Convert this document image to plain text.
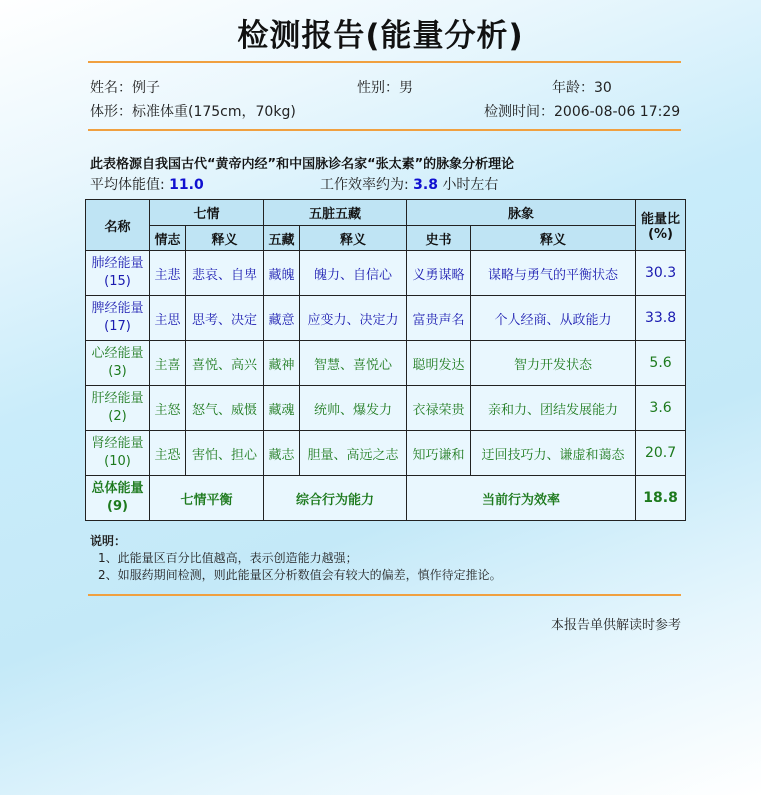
检测报告(能量分析)
姓名：例子	性别：男	年龄：30
体形：标准体重(175cm，70kg)	检测时间：2006-08-06 17:29
此表格源自我国古代“黄帝内经”和中国脉诊名家“张太素”的脉象分析理论
平均体能值: 11.0	工作效率约为: 3.8 小时左右
名称	七情		五脏五藏		脉象		能量比
(%)

	情志	释义	五藏	释义	史书	释义	

肺经能量
(15)	主悲	悲哀、自卑	藏魄	魄力、自信心	义勇谋略	谋略与勇气的平衡状态	30.3

脾经能量
(17)	主思	思考、决定	藏意	应变力、决定力	富贵声名	个人经商、从政能力	33.8

心经能量
(3)	主喜	喜悦、高兴	藏神	智慧、喜悦心	聪明发达	智力开发状态	5.6

肝经能量
(2)	主怒	怒气、威慑	藏魂	统帅、爆发力	衣禄荣贵	亲和力、团结发展能力	3.6

肾经能量
(10)	主恐	害怕、担心	藏志	胆量、高远之志	知巧谦和	迂回技巧力、谦虚和蔼态	20.7

总体能量
(9)	七情平衡		综合行为能力		当前行为效率		18.8
说明：
1、此能量区百分比值越高，表示创造能力越强；
2、如服药期间检测，则此能量区分析数值会有较大的偏差，慎作待定推论。
本报告单供解读时参考
